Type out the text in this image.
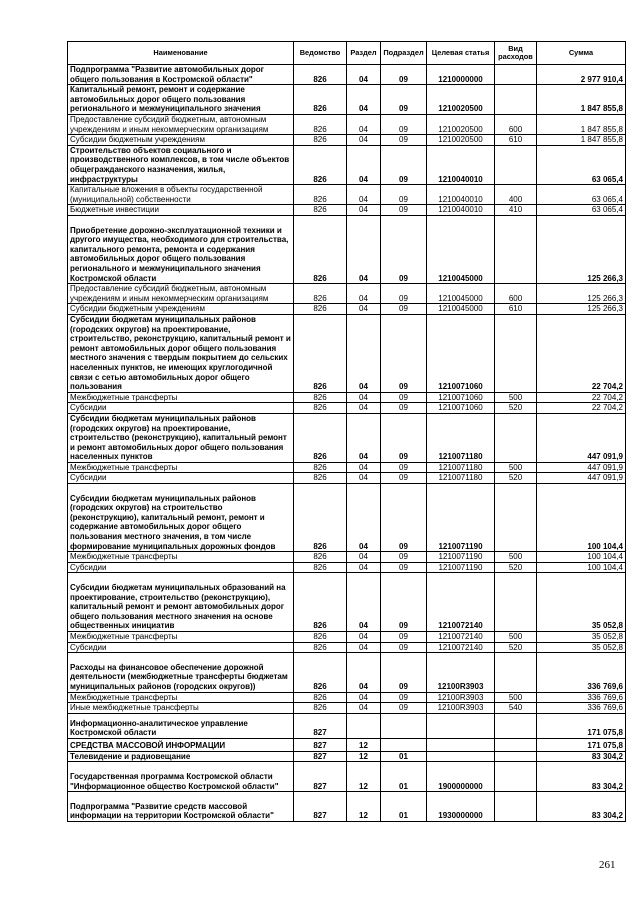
Наименование	Ведомство	Раздел	Подраздел	Целевая статья	Вид расходов	Сумма
Подпрограмма "Развитие автомобильных дорог общего пользования в Костромской области"	826	04	09	1210000000		2 977 910,4
Капитальный ремонт, ремонт и содержание автомобильных дорог общего пользования регионального и межмуниципального значения	826	04	09	1210020500		1 847 855,8
Предоставление субсидий бюджетным, автономным учреждениям и иным некоммерческим организациям	826	04	09	1210020500	600	1 847 855,8
Субсидии бюджетным учреждениям	826	04	09	1210020500	610	1 847 855,8
Строительство объектов социального и производственного комплексов, в том числе объектов общегражданского назначения, жилья, инфраструктуры	826	04	09	1210040010		63 065,4
Капитальные вложения в объекты государственной (муниципальной) собственности	826	04	09	1210040010	400	63 065,4
Бюджетные инвестиции	826	04	09	1210040010	410	63 065,4
Приобретение дорожно-эксплуатационной техники и другого имущества, необходимого для строительства, капитального ремонта, ремонта и содержания автомобильных дорог общего пользования регионального и межмуниципального значения Костромской области	826	04	09	1210045000		125 266,3
Предоставление субсидий бюджетным, автономным учреждениям и иным некоммерческим организациям	826	04	09	1210045000	600	125 266,3
Субсидии бюджетным учреждениям	826	04	09	1210045000	610	125 266,3
Субсидии бюджетам муниципальных районов (городских округов) на проектирование, строительство, реконструкцию, капитальный ремонт и ремонт автомобильных дорог общего пользования местного значения с твердым покрытием до сельских населенных пунктов, не имеющих круглогодичной связи с сетью автомобильных дорог общего пользования	826	04	09	1210071060		22 704,2
Межбюджетные трансферты	826	04	09	1210071060	500	22 704,2
Субсидии	826	04	09	1210071060	520	22 704,2
Субсидии бюджетам муниципальных районов (городских округов) на проектирование, строительство (реконструкцию), капитальный ремонт и ремонт автомобильных дорог общего пользования населенных пунктов	826	04	09	1210071180		447 091,9
Межбюджетные трансферты	826	04	09	1210071180	500	447 091,9
Субсидии	826	04	09	1210071180	520	447 091,9
Субсидии бюджетам муниципальных районов (городских округов) на строительство (реконструкцию), капитальный ремонт, ремонт и содержание автомобильных дорог общего пользования местного значения, в том числе формирование муниципальных дорожных фондов	826	04	09	1210071190		100 104,4
Межбюджетные трансферты	826	04	09	1210071190	500	100 104,4
Субсидии	826	04	09	1210071190	520	100 104,4
Субсидии бюджетам муниципальных образований на проектирование, строительство (реконструкцию), капитальный ремонт и ремонт автомобильных дорог общего пользования местного значения на основе общественных инициатив	826	04	09	1210072140		35 052,8
Межбюджетные трансферты	826	04	09	1210072140	500	35 052,8
Субсидии	826	04	09	1210072140	520	35 052,8
Расходы на финансовое обеспечение дорожной деятельности (межбюджетные трансферты бюджетам муниципальных районов (городских округов))	826	04	09	12100R3903		336 769,6
Межбюджетные трансферты	826	04	09	12100R3903	500	336 769,6
Иные межбюджетные трансферты	826	04	09	12100R3903	540	336 769,6
Информационно-аналитическое управление Костромской области	827					171 075,8
СРЕДСТВА МАССОВОЙ ИНФОРМАЦИИ	827	12				171 075,8
Телевидение и радиовещание	827	12	01			83 304,2
Государственная программа Костромской области "Информационное общество Костромской области"	827	12	01	1900000000		83 304,2
Подпрограмма "Развитие средств массовой информации на территории Костромской области"	827	12	01	1930000000		83 304,2
261
